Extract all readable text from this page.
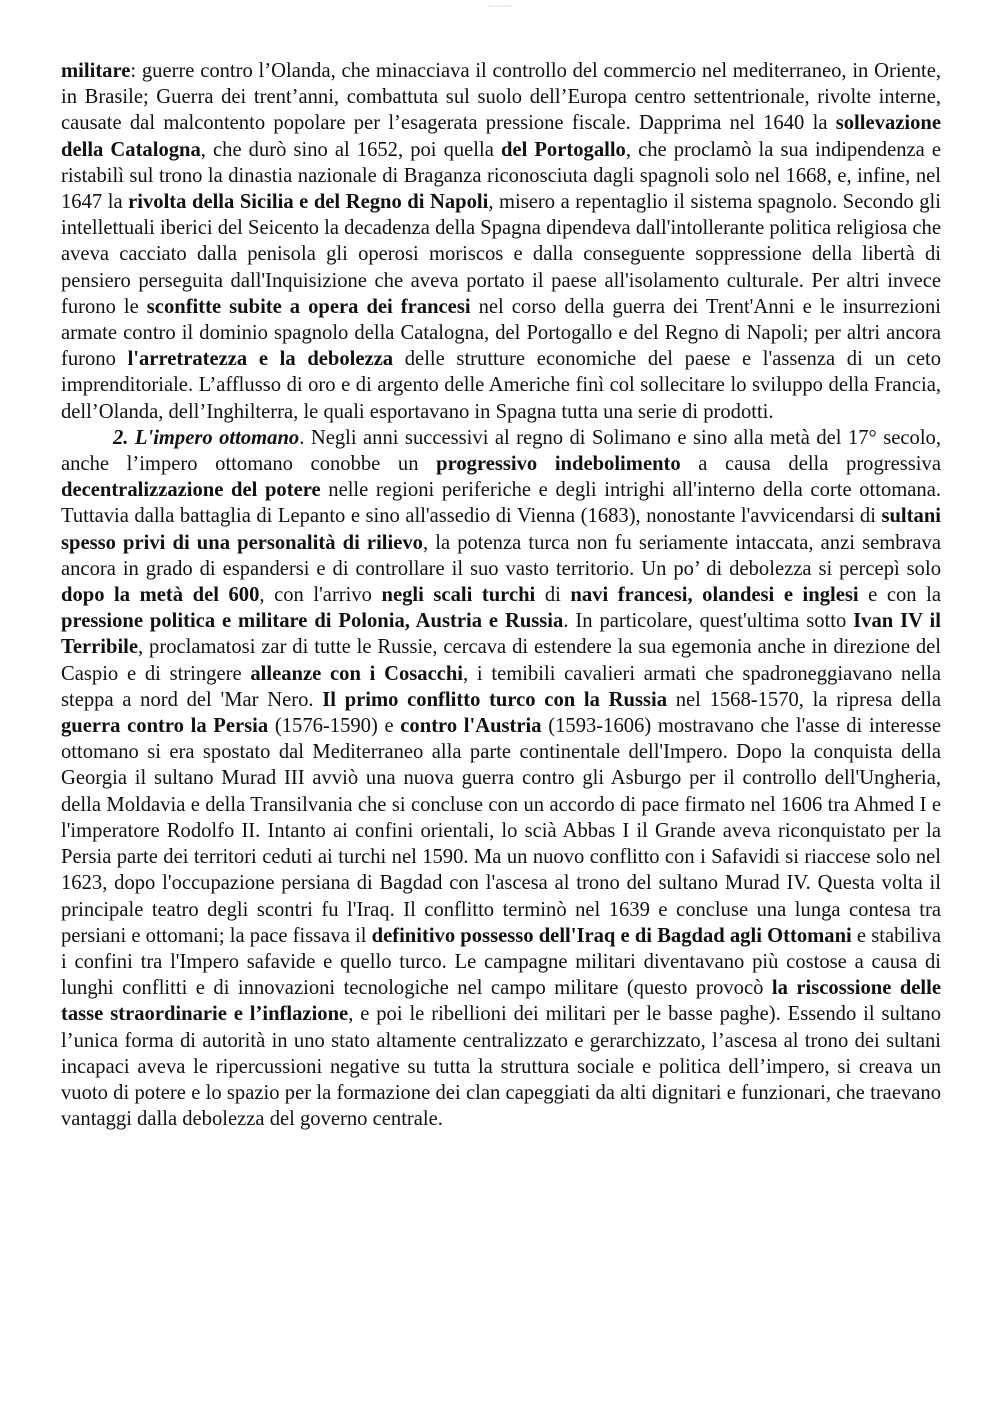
xxx xxx xxxxx

militare: guerre contro l’Olanda, che minacciava il controllo del commercio nel mediterraneo, in Oriente, in Brasile; Guerra dei trent’anni, combattuta sul suolo dell’Europa centro settentrionale, rivolte interne, causate dal malcontento popolare per l’esagerata pressione fiscale. Dapprima nel 1640 la sollevazione della Catalogna, che durò sino al 1652, poi quella del Portogallo, che proclamò la sua indipendenza e ristabilì sul trono la dinastia nazionale di Braganza riconosciuta dagli spagnoli solo nel 1668, e, infine, nel 1647 la rivolta della Sicilia e del Regno di Napoli, misero a repentaglio il sistema spagnolo. Secondo gli intellettuali iberici del Seicento la decadenza della Spagna dipendeva dall'intollerante politica religiosa che aveva cacciato dalla penisola gli operosi moriscos e dalla conseguente soppressione della libertà di pensiero perseguita dall'Inquisizione che aveva portato il paese all'isolamento culturale. Per altri invece furono le sconfitte subite a opera dei francesi nel corso della guerra dei Trent'Anni e le insurrezioni armate contro il dominio spagnolo della Catalogna, del Portogallo e del Regno di Napoli; per altri ancora furono l'arretratezza e la debolezza delle strutture economiche del paese e l'assenza di un ceto imprenditoriale. L’afflusso di oro e di argento delle Americhe finì col sollecitare lo sviluppo della Francia, dell’Olanda, dell’Inghilterra, le quali esportavano in Spagna tutta una serie di prodotti.

2. L'impero ottomano. Negli anni successivi al regno di Solimano e sino alla metà del 17° secolo, anche l’impero ottomano conobbe un progressivo indebolimento a causa della progressiva decentralizzazione del potere nelle regioni periferiche e degli intrighi all'interno della corte ottomana. Tuttavia dalla battaglia di Lepanto e sino all'assedio di Vienna (1683), nonostante l'avvicendarsi di sultani spesso privi di una personalità di rilievo, la potenza turca non fu seriamente intaccata, anzi sembrava ancora in grado di espandersi e di controllare il suo vasto territorio. Un po’ di debolezza si percepì solo dopo la metà del 600, con l'arrivo negli scali turchi di navi francesi, olandesi e inglesi e con la pressione politica e militare di Polonia, Austria e Russia. In particolare, quest'ultima sotto Ivan IV il Terribile, proclamatosi zar di tutte le Russie, cercava di estendere la sua egemonia anche in direzione del Caspio e di stringere alleanze con i Cosacchi, i temibili cavalieri armati che spadroneggiavano nella steppa a nord del 'Mar Nero. Il primo conflitto turco con la Russia nel 1568-1570, la ripresa della guerra contro la Persia (1576-1590) e contro l'Austria (1593-1606) mostravano che l'asse di interesse ottomano si era spostato dal Mediterraneo alla parte continentale dell'Impero. Dopo la conquista della Georgia il sultano Murad III avviò una nuova guerra contro gli Asburgo per il controllo dell'Ungheria, della Moldavia e della Transilvania che si concluse con un accordo di pace firmato nel 1606 tra Ahmed I e l'imperatore Rodolfo II. Intanto ai confini orientali, lo scià Abbas I il Grande aveva riconquistato per la Persia parte dei territori ceduti ai turchi nel 1590. Ma un nuovo conflitto con i Safavidi si riaccese solo nel 1623, dopo l'occupazione persiana di Bagdad con l'ascesa al trono del sultano Murad IV. Questa volta il principale teatro degli scontri fu l'Iraq. Il conflitto terminò nel 1639 e concluse una lunga contesa tra persiani e ottomani; la pace fissava il definitivo possesso dell'Iraq e di Bagdad agli Ottomani e stabiliva i confini tra l'Impero safavide e quello turco. Le campagne militari diventavano più costose a causa di lunghi conflitti e di innovazioni tecnologiche nel campo militare (questo provocò la riscossione delle tasse straordinarie e l’inflazione, e poi le ribellioni dei militari per le basse paghe). Essendo il sultano l’unica forma di autorità in uno stato altamente centralizzato e gerarchizzato, l’ascesa al trono dei sultani incapaci aveva le ripercussioni negative su tutta la struttura sociale e politica dell’impero, si creava un vuoto di potere e lo spazio per la formazione dei clan capeggiati da alti dignitari e funzionari, che traevano vantaggi dalla debolezza del governo centrale.
